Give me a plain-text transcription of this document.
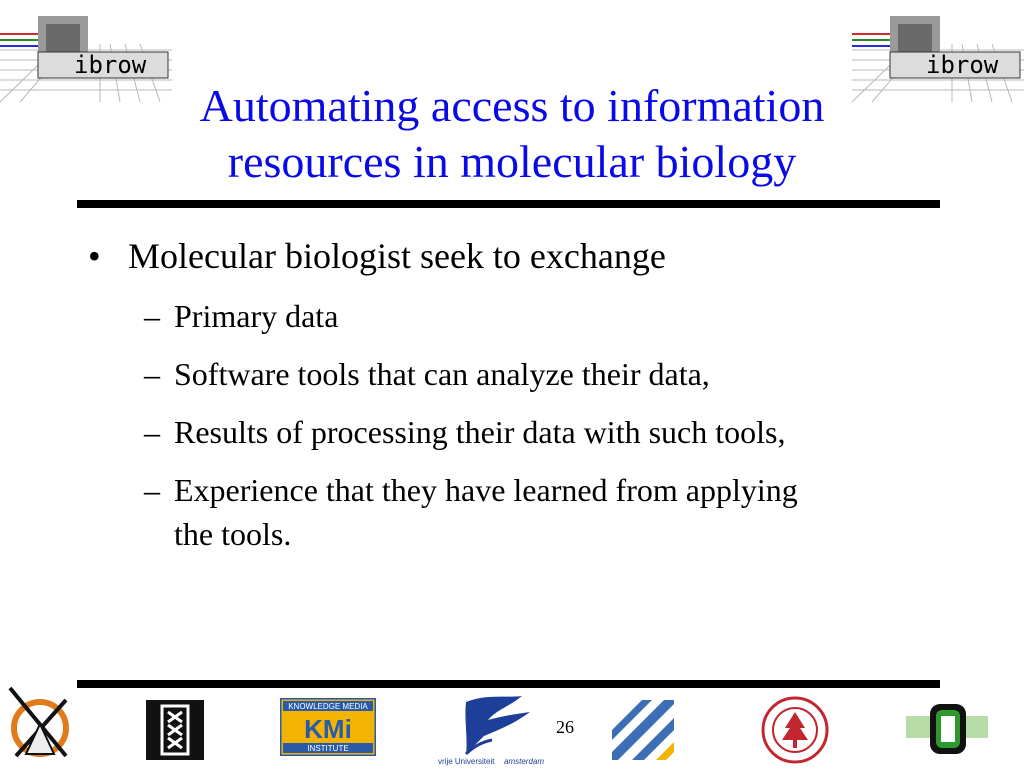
ibrow	ibrow
Automating access to information
resources in molecular biology
• Molecular biologist seek to exchange
– Primary data
– Software tools that can analyze their data,
– Results of processing their data with such tools,
– Experience that they have learned from applying the tools.
KNOWLEDGE MEDIA
KMi
INSTITUTE
vrije Universiteit amsterdam
26
